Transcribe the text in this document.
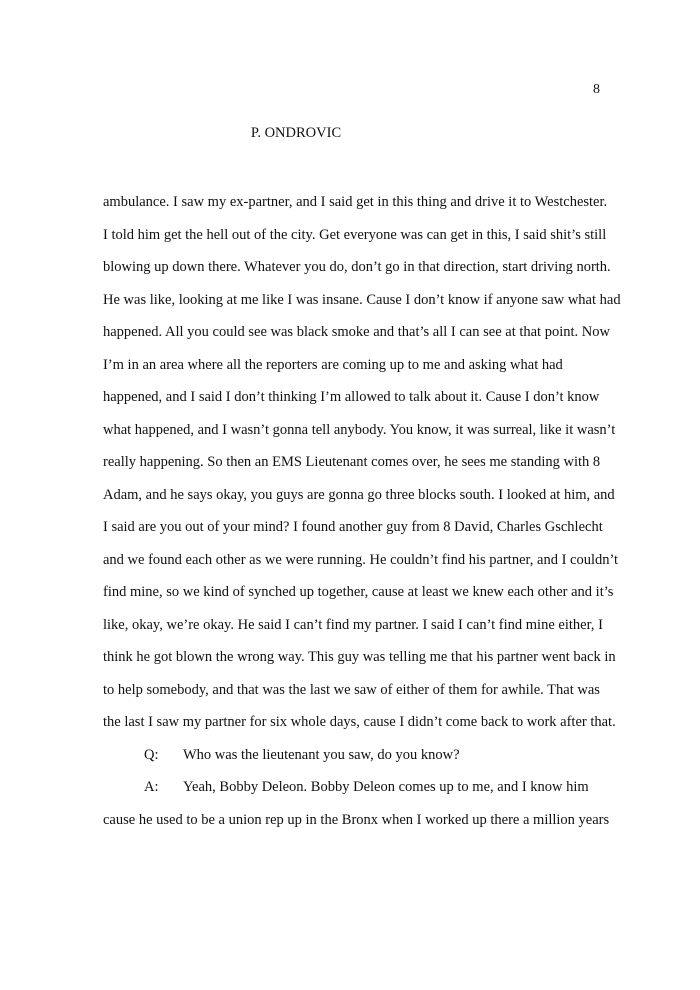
8
P. ONDROVIC
ambulance. I saw my ex-partner, and I said get in this thing and drive it to Westchester.
I told him get the hell out of the city. Get everyone was can get in this, I said shit’s still
blowing up down there. Whatever you do, don’t go in that direction, start driving north.
He was like, looking at me like I was insane. Cause I don’t know if anyone saw what had
happened. All you could see was black smoke and that’s all I can see at that point. Now
I’m in an area where all the reporters are coming up to me and asking what had
happened, and I said I don’t thinking I’m allowed to talk about it. Cause I don’t know
what happened, and I wasn’t gonna tell anybody. You know, it was surreal, like it wasn’t
really happening. So then an EMS Lieutenant comes over, he sees me standing with 8
Adam, and he says okay, you guys are gonna go three blocks south. I looked at him, and
I said are you out of your mind? I found another guy from 8 David, Charles Gschlecht
and we found each other as we were running. He couldn’t find his partner, and I couldn’t
find mine, so we kind of synched up together, cause at least we knew each other and it’s
like, okay, we’re okay. He said I can’t find my partner. I said I can’t find mine either, I
think he got blown the wrong way. This guy was telling me that his partner went back in
to help somebody, and that was the last we saw of either of them for awhile. That was
the last I saw my partner for six whole days, cause I didn’t come back to work after that.
Q: Who was the lieutenant you saw, do you know?
A: Yeah, Bobby Deleon. Bobby Deleon comes up to me, and I know him
cause he used to be a union rep up in the Bronx when I worked up there a million years
